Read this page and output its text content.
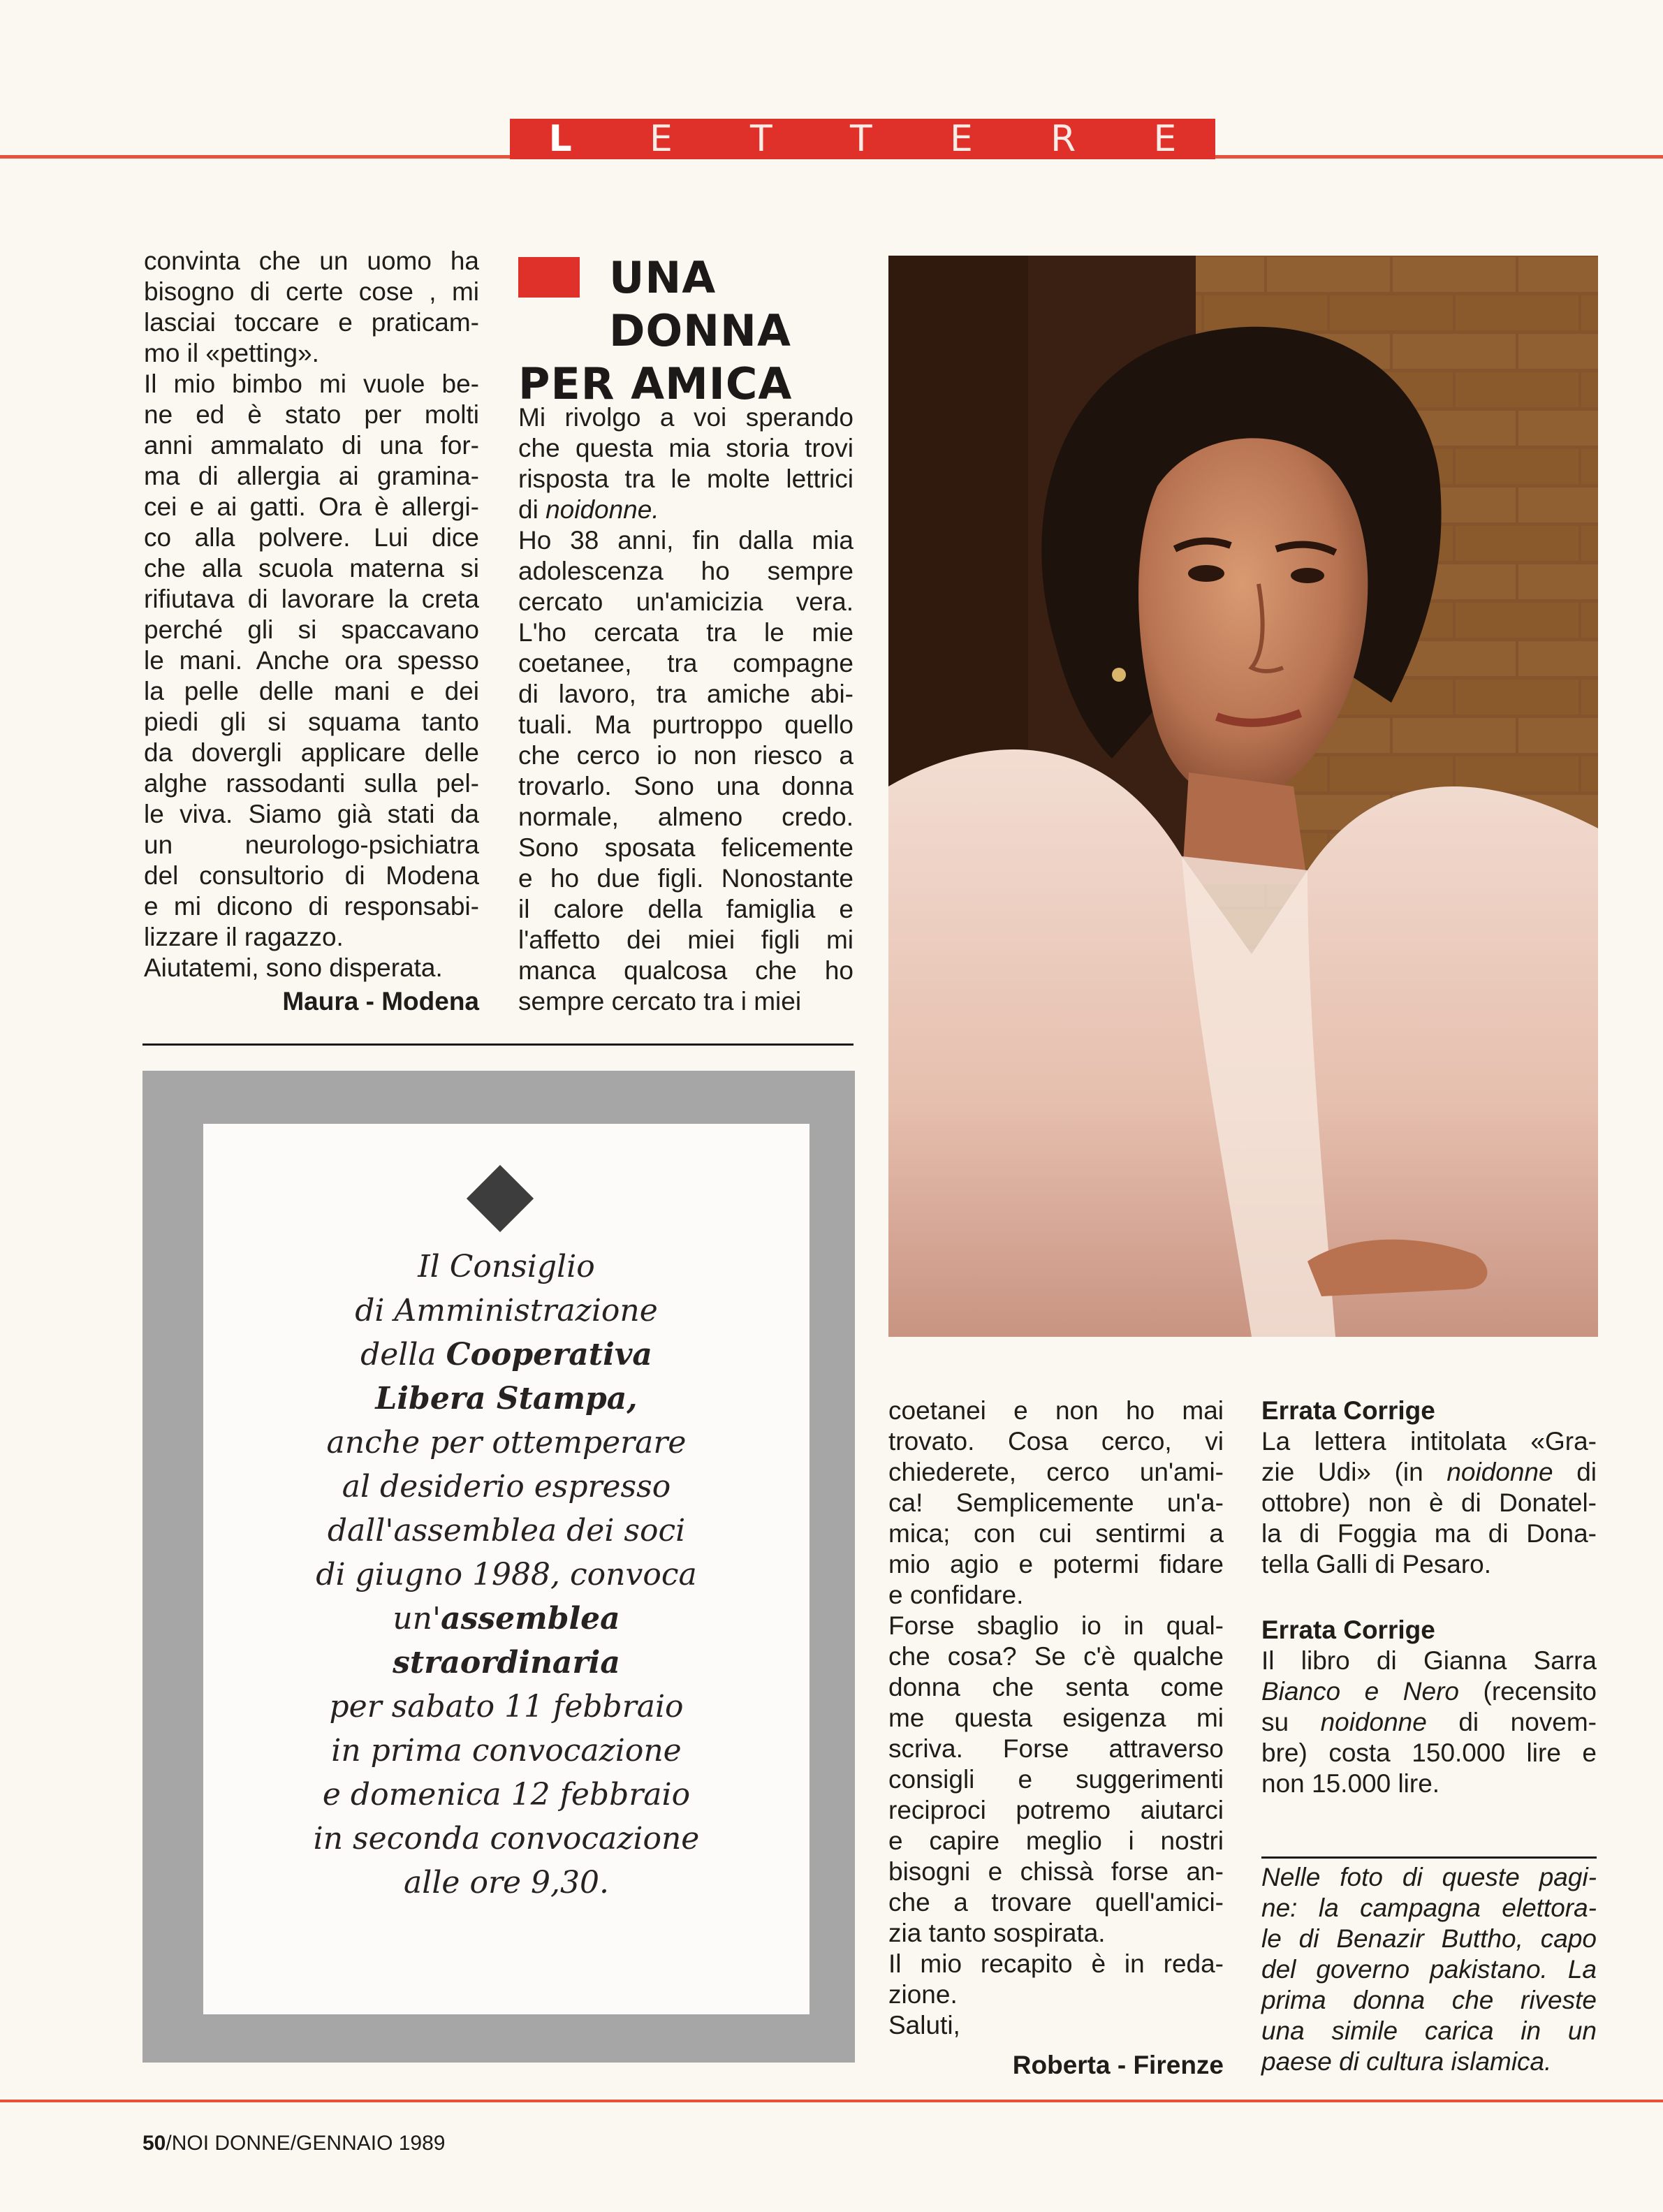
L E T T E R E
convinta che un uomo ha
bisogno di certe cose , mi
lasciai toccare e praticam-
mo il «petting».
Il mio bimbo mi vuole be-
ne ed è stato per molti
anni ammalato di una for-
ma di allergia ai gramina-
cei e ai gatti. Ora è allergi-
co alla polvere. Lui dice
che alla scuola materna si
rifiutava di lavorare la creta
perché gli si spaccavano
le mani. Anche ora spesso
la pelle delle mani e dei
piedi gli si squama tanto
da dovergli applicare delle
alghe rassodanti sulla pel-
le viva. Siamo già stati da
un neurologo-psichiatra
del consultorio di Modena
e mi dicono di responsabi-
lizzare il ragazzo.
Aiutatemi, sono disperata.
Maura - Modena
UNA DONNA
PER AMICA
Mi rivolgo a voi sperando
che questa mia storia trovi
risposta tra le molte lettrici
di noidonne.
Ho 38 anni, fin dalla mia
adolescenza ho sempre
cercato un'amicizia vera.
L'ho cercata tra le mie
coetanee, tra compagne
di lavoro, tra amiche abi-
tuali. Ma purtroppo quello
che cerco io non riesco a
trovarlo. Sono una donna
normale, almeno credo.
Sono sposata felicemente
e ho due figli. Nonostante
il calore della famiglia e
l'affetto dei miei figli mi
manca qualcosa che ho
sempre cercato tra i miei
Il Consiglio
di Amministrazione
della Cooperativa
Libera Stampa,
anche per ottemperare
al desiderio espresso
dall'assemblea dei soci
di giugno 1988, convoca
un'assemblea
straordinaria
per sabato 11 febbraio
in prima convocazione
e domenica 12 febbraio
in seconda convocazione
alle ore 9,30.
coetanei e non ho mai
trovato. Cosa cerco, vi
chiederete, cerco un'ami-
ca! Semplicemente un'a-
mica; con cui sentirmi a
mio agio e potermi fidare
e confidare.
Forse sbaglio io in qual-
che cosa? Se c'è qualche
donna che senta come
me questa esigenza mi
scriva. Forse attraverso
consigli e suggerimenti
reciproci potremo aiutarci
e capire meglio i nostri
bisogni e chissà forse an-
che a trovare quell'amici-
zia tanto sospirata.
Il mio recapito è in reda-
zione.
Saluti,
Roberta - Firenze
Errata Corrige
La lettera intitolata «Gra-
zie Udi» (in noidonne di
ottobre) non è di Donatel-
la di Foggia ma di Dona-
tella Galli di Pesaro.
Errata Corrige
Il libro di Gianna Sarra
Bianco e Nero (recensito
su noidonne di novem-
bre) costa 150.000 lire e
non 15.000 lire.
Nelle foto di queste pagi-
ne: la campagna elettora-
le di Benazir Buttho, capo
del governo pakistano. La
prima donna che riveste
una simile carica in un
paese di cultura islamica.
50/NOI DONNE/GENNAIO 1989
